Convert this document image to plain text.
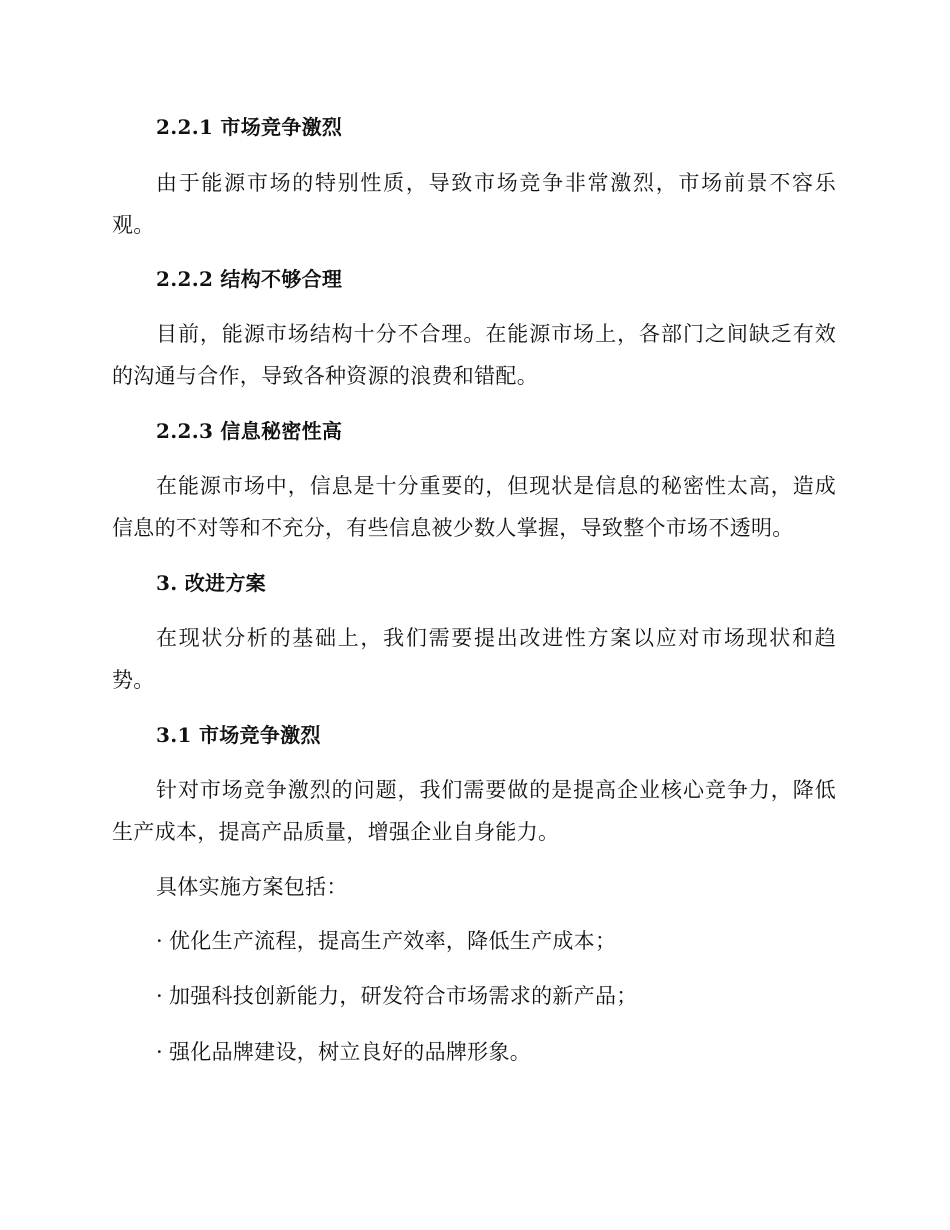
2.2.1 市场竞争激烈

由于能源市场的特别性质，导致市场竞争非常激烈，市场前景不容乐观。

2.2.2 结构不够合理

目前，能源市场结构十分不合理。在能源市场上，各部门之间缺乏有效的沟通与合作，导致各种资源的浪费和错配。

2.2.3 信息秘密性高

在能源市场中，信息是十分重要的，但现状是信息的秘密性太高，造成信息的不对等和不充分，有些信息被少数人掌握，导致整个市场不透明。

3. 改进方案

在现状分析的基础上，我们需要提出改进性方案以应对市场现状和趋势。

3.1 市场竞争激烈

针对市场竞争激烈的问题，我们需要做的是提高企业核心竞争力，降低生产成本，提高产品质量，增强企业自身能力。

具体实施方案包括：
· 优化生产流程，提高生产效率，降低生产成本；
· 加强科技创新能力，研发符合市场需求的新产品；
· 强化品牌建设，树立良好的品牌形象。
